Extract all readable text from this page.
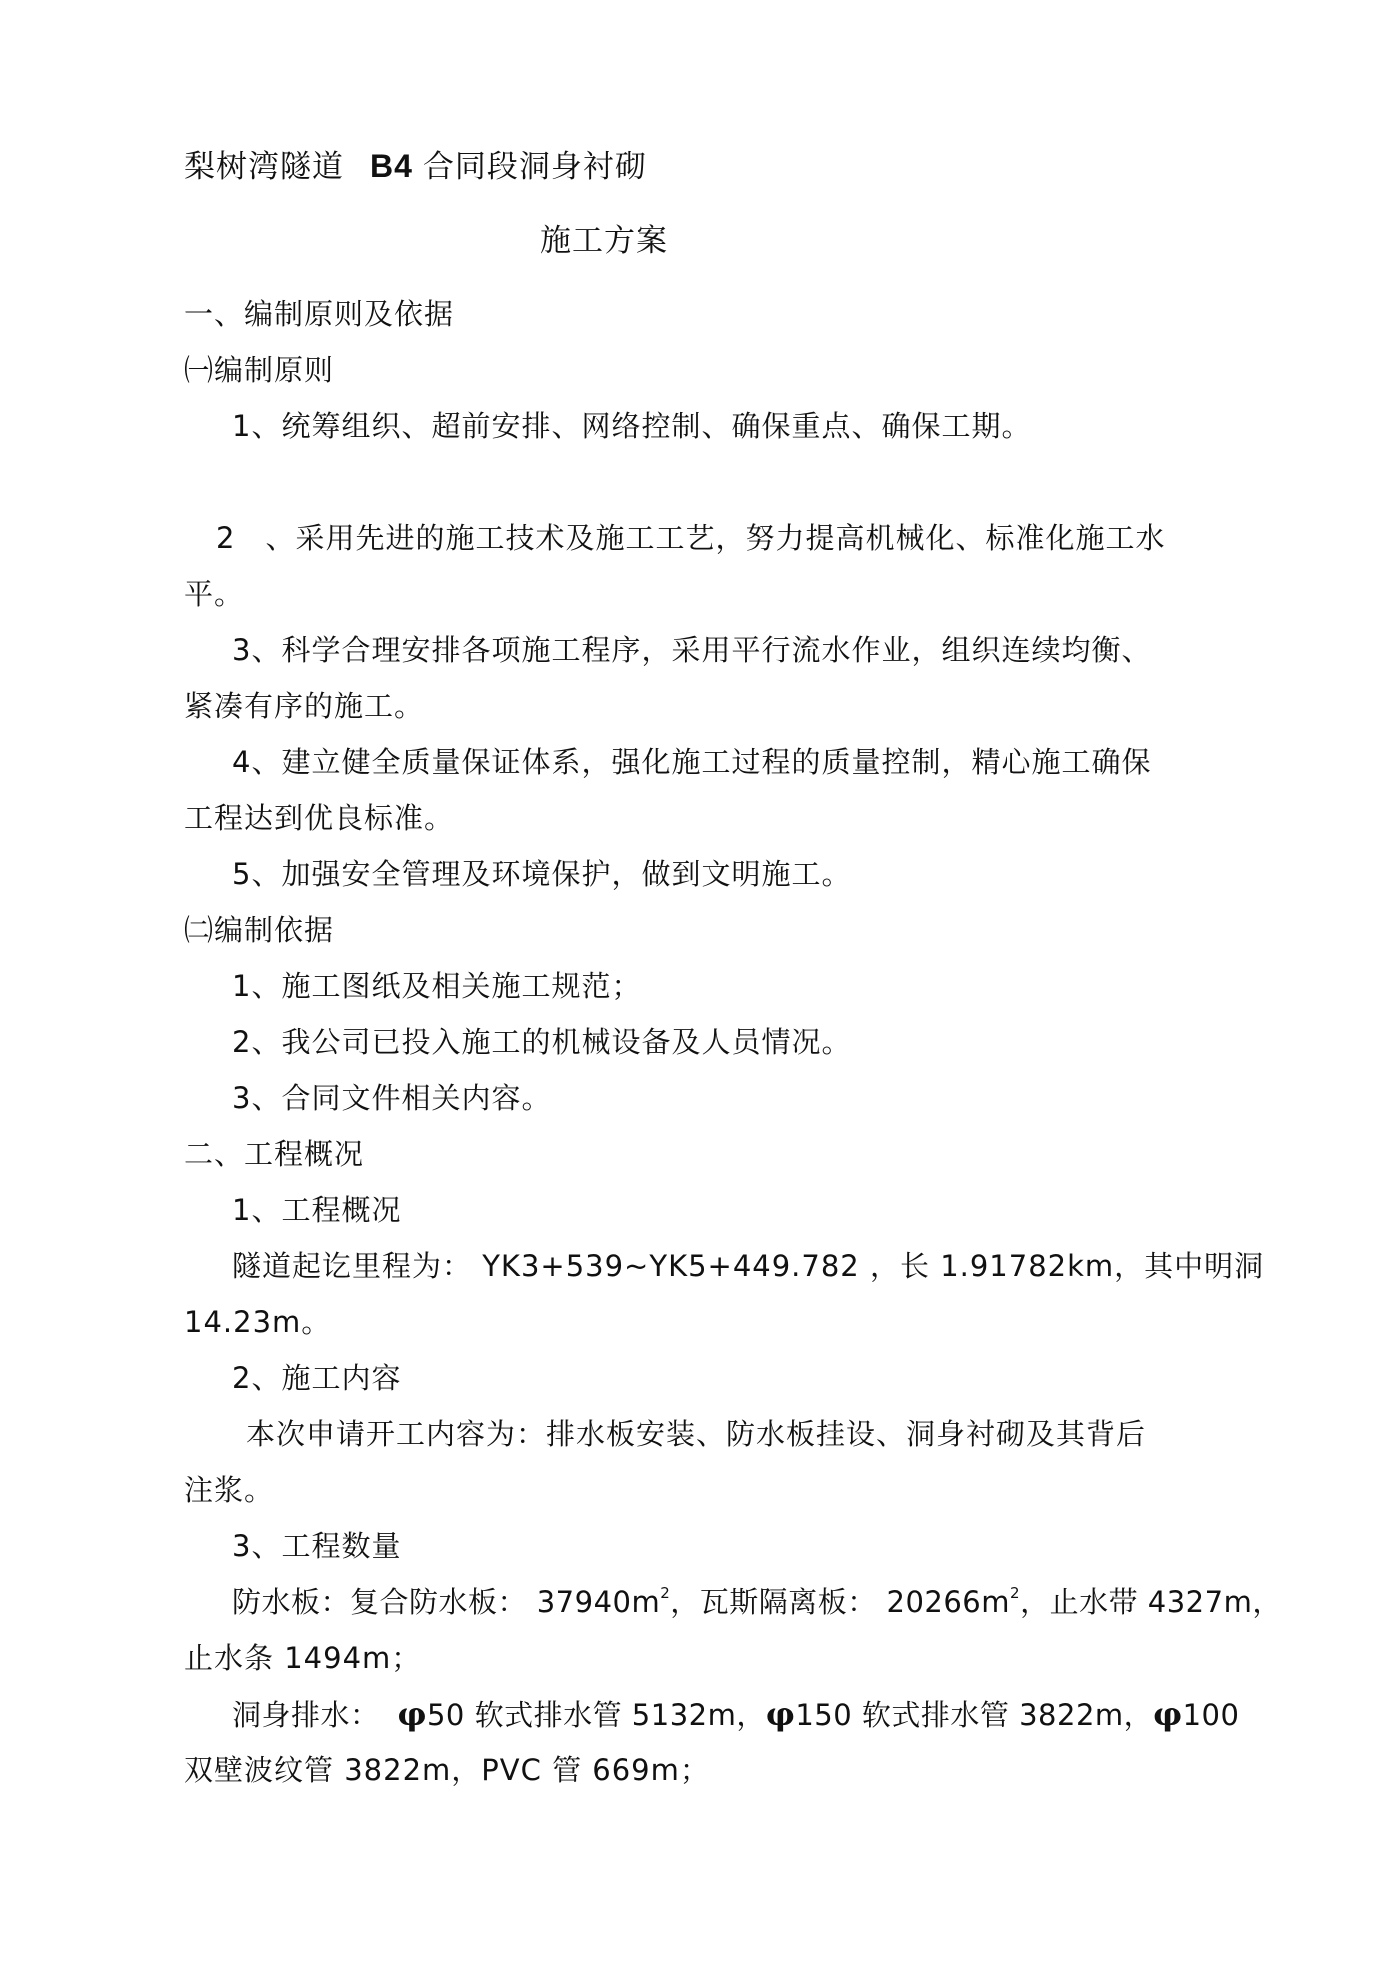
梨树湾隧道 B4 合同段洞身衬砌
施工方案
一、编制原则及依据
㈠编制原则
1、统筹组织、超前安排、网络控制、确保重点、确保工期。
2　、采用先进的施工技术及施工工艺，努力提高机械化、标准化施工水
平。
3、科学合理安排各项施工程序，采用平行流水作业，组织连续均衡、
紧凑有序的施工。
4、建立健全质量保证体系，强化施工过程的质量控制，精心施工确保
工程达到优良标准。
5、加强安全管理及环境保护，做到文明施工。
㈡编制依据
1、施工图纸及相关施工规范；
2、我公司已投入施工的机械设备及人员情况。
3、合同文件相关内容。
二、工程概况
1、工程概况
隧道起讫里程为： YK3+539~YK5+449.782 ，长 1.91782km，其中明洞
14.23m。
2、施工内容
本次申请开工内容为：排水板安装、防水板挂设、洞身衬砌及其背后
注浆。
3、工程数量
防水板：复合防水板： $37940m^2$，瓦斯隔离板： $20266m^2$，止水带 4327m，
止水条 1494m；
洞身排水： φ50 软式排水管 5132m，φ150 软式排水管 3822m，φ100
双壁波纹管 3822m，PVC 管 669m；
